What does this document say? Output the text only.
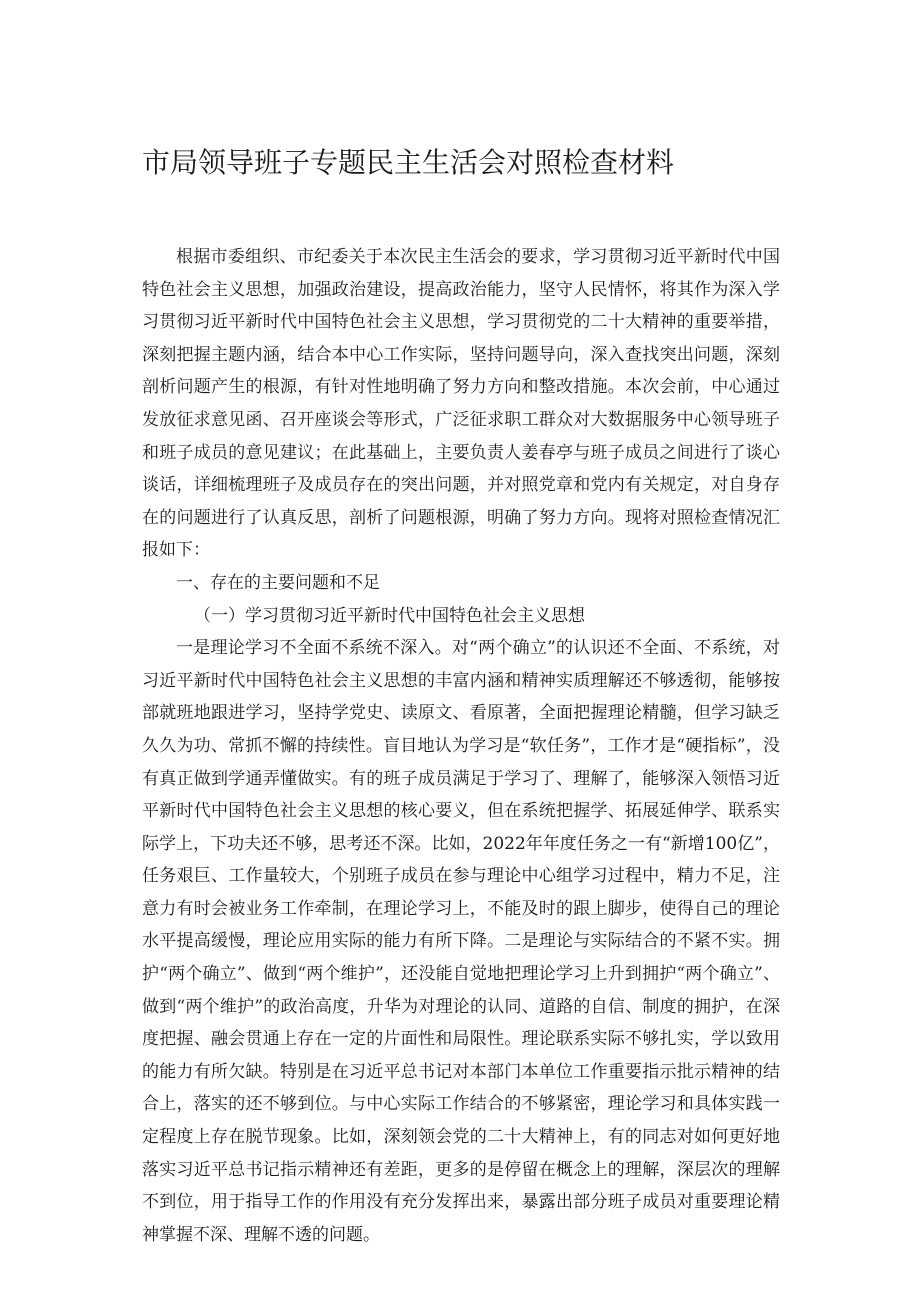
市局领导班子专题民主生活会对照检查材料

根据市委组织、市纪委关于本次民主生活会的要求，学习贯彻习近平新时代中国特色社会主义思想，加强政治建设，提高政治能力，坚守人民情怀，将其作为深入学习贯彻习近平新时代中国特色社会主义思想，学习贯彻党的二十大精神的重要举措，深刻把握主题内涵，结合本中心工作实际，坚持问题导向，深入查找突出问题，深刻剖析问题产生的根源，有针对性地明确了努力方向和整改措施。本次会前，中心通过发放征求意见函、召开座谈会等形式，广泛征求职工群众对大数据服务中心领导班子和班子成员的意见建议；在此基础上，主要负责人姜春亭与班子成员之间进行了谈心谈话，详细梳理班子及成员存在的突出问题，并对照党章和党内有关规定，对自身存在的问题进行了认真反思，剖析了问题根源，明确了努力方向。现将对照检查情况汇报如下：

一、存在的主要问题和不足

（一）学习贯彻习近平新时代中国特色社会主义思想

一是理论学习不全面不系统不深入。对“两个确立”的认识还不全面、不系统，对习近平新时代中国特色社会主义思想的丰富内涵和精神实质理解还不够透彻，能够按部就班地跟进学习，坚持学党史、读原文、看原著，全面把握理论精髓，但学习缺乏久久为功、常抓不懈的持续性。盲目地认为学习是“软任务”，工作才是“硬指标”，没有真正做到学通弄懂做实。有的班子成员满足于学习了、理解了，能够深入领悟习近平新时代中国特色社会主义思想的核心要义，但在系统把握学、拓展延伸学、联系实际学上，下功夫还不够，思考还不深。比如，2022年年度任务之一有“新增100亿”，任务艰巨、工作量较大，个别班子成员在参与理论中心组学习过程中，精力不足，注意力有时会被业务工作牵制，在理论学习上，不能及时的跟上脚步，使得自己的理论水平提高缓慢，理论应用实际的能力有所下降。二是理论与实际结合的不紧不实。拥护“两个确立”、做到“两个维护”，还没能自觉地把理论学习上升到拥护“两个确立”、做到“两个维护”的政治高度，升华为对理论的认同、道路的自信、制度的拥护，在深度把握、融会贯通上存在一定的片面性和局限性。理论联系实际不够扎实，学以致用的能力有所欠缺。特别是在习近平总书记对本部门本单位工作重要指示批示精神的结合上，落实的还不够到位。与中心实际工作结合的不够紧密，理论学习和具体实践一定程度上存在脱节现象。比如，深刻领会党的二十大精神上，有的同志对如何更好地落实习近平总书记指示精神还有差距，更多的是停留在概念上的理解，深层次的理解不到位，用于指导工作的作用没有充分发挥出来，暴露出部分班子成员对重要理论精神掌握不深、理解不透的问题。
